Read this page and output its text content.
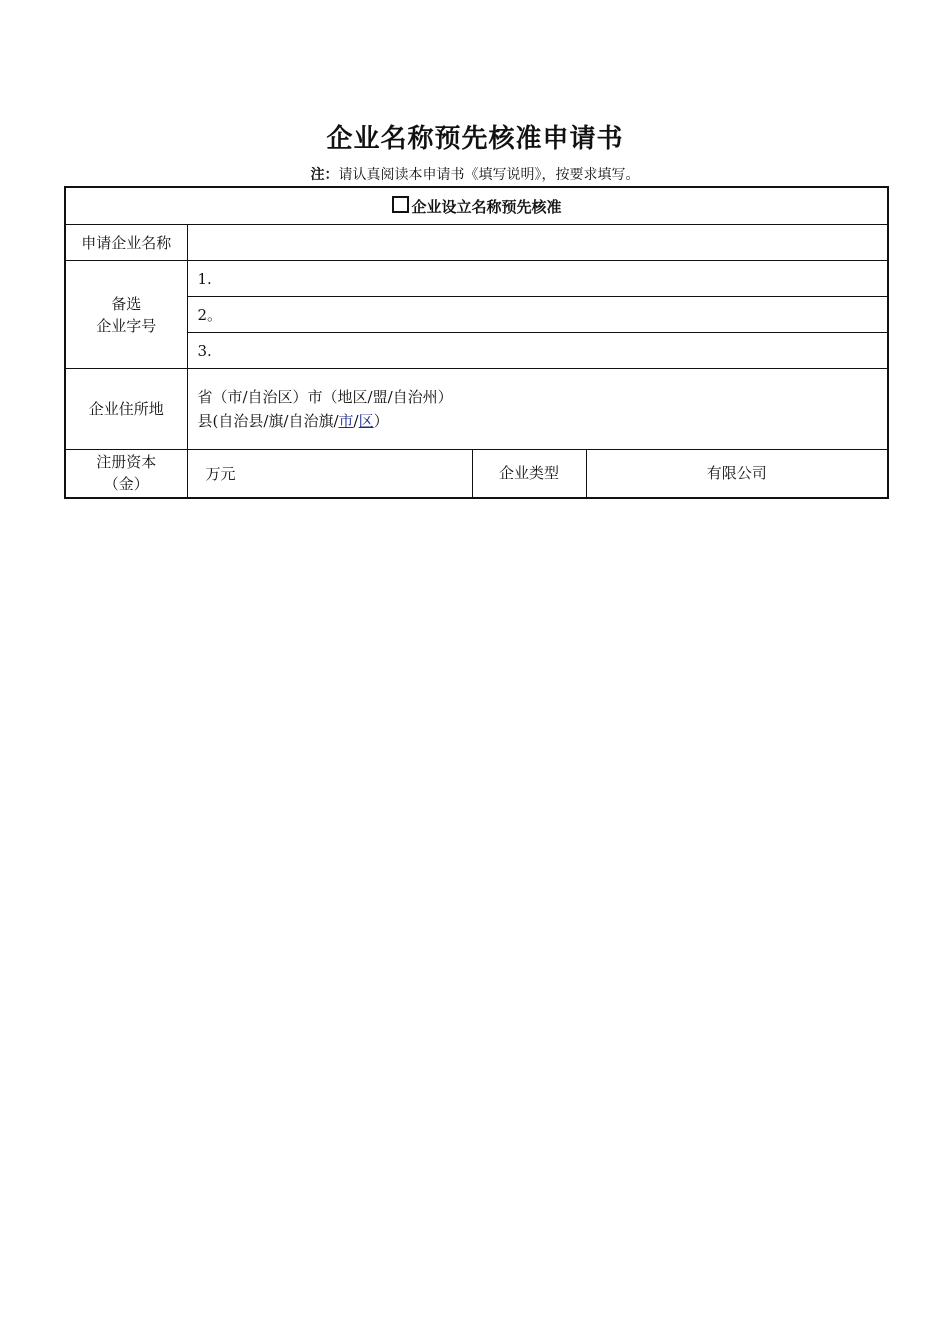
企业名称预先核准申请书
注：请认真阅读本申请书《填写说明》，按要求填写。
企业设立名称预先核准			
申请企业名称			

备选
企业字号	1.		
	2。		
	3.		
企业住所地	省（市/自治区）市（地区/盟/自治州）
县(自治县/旗/自治旗/市/区）		

注册资本
（金）	万元	企业类型	有限公司
